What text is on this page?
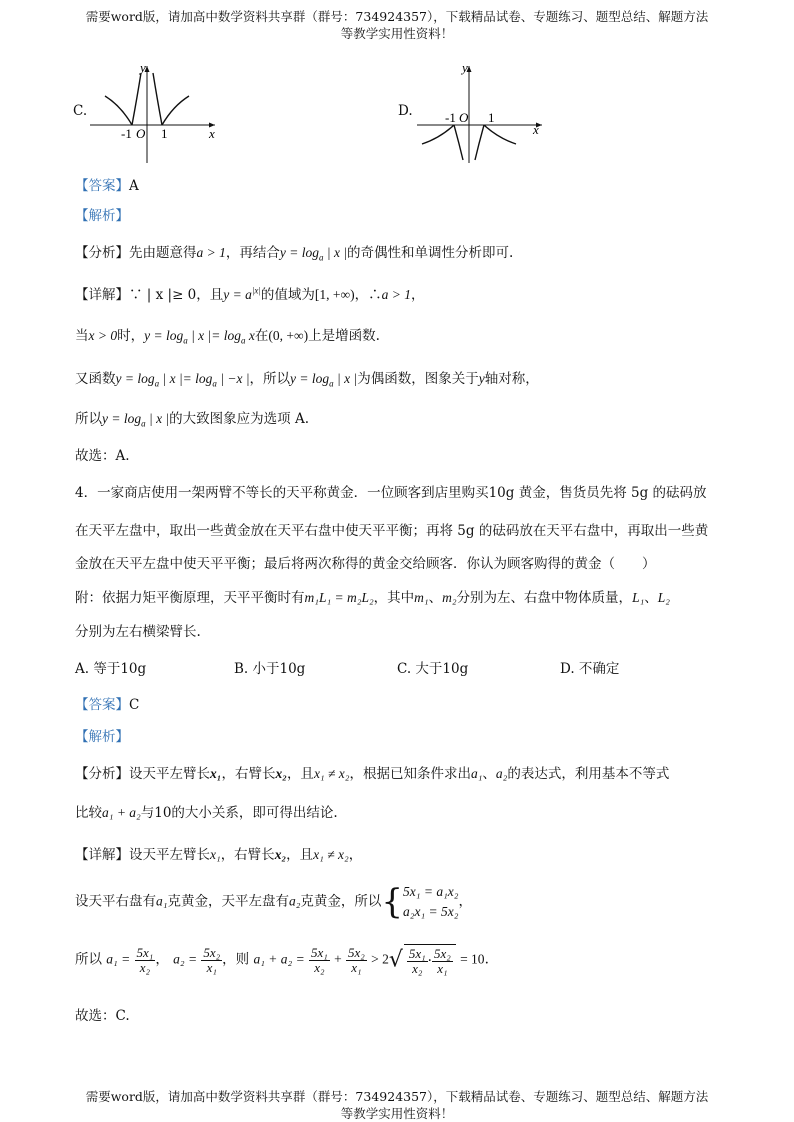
需要word版，请加高中数学资料共享群（群号：734924357），下载精品试卷、专题练习、题型总结、解题方法
等教学实用性资料！
C.
y
x
-1 O 1
D.
y
x
-1 O 1
【答案】A
【解析】
【分析】先由题意得a > 1，再结合$y = \log_a$ | x |的奇偶性和单调性分析即可.
【详解】∵ | x |≥ 0，且$y = a^{|x|}$的值域为[1, +∞)，∴a > 1，
当x > 0时，$y = \log_a$ | x |= $\log_a x$在(0, +∞)上是增函数.
又函数$y = \log_a$ | x |= $\log_a$ | −x |，所以$y = \log_a$ | x |为偶函数，图象关于y轴对称，
所以$y = \log_a$ | x |的大致图象应为选项 A.
故选：A.
4．一家商店使用一架两臂不等长的天平称黄金．一位顾客到店里购买10g 黄金，售货员先将 5g 的砝码放
在天平左盘中，取出一些黄金放在天平右盘中使天平平衡；再将 5g 的砝码放在天平右盘中，再取出一些黄
金放在天平左盘中使天平平衡；最后将两次称得的黄金交给顾客．你认为顾客购得的黄金（　　）
附：依据力矩平衡原理，天平平衡时有m₁L₁ = m₂L₂，其中m₁、m₂分别为左、右盘中物体质量，L₁、L₂
分别为左右横梁臂长.
A. 等于10g	B. 小于10g	C. 大于10g	D. 不确定
【答案】C
【解析】
【分析】设天平左臂长x₁，右臂长x₂，且x₁ ≠ x₂，根据已知条件求出a₁、a₂的表达式，利用基本不等式
比较a₁ + a₂与10的大小关系，即可得出结论.
【详解】设天平左臂长x₁，右臂长x₂，且x₁ ≠ x₂，
设天平右盘有a₁克黄金，天平左盘有a₂克黄金，所以{ 5x₁ = a₁x₂
a₂x₁ = 5x₂
，
所以 $a_1 = \frac{\text{5x₁}}{\text{x₂}}$ ， $a_2 = \frac{\text{5x₂}}{\text{x₁}}$ ，则 $a_1 + a_2 = \frac{\text{5x₁}}{\text{x₂}} + \frac{\text{5x₂}}{\text{x₁}} > 2√ \frac{\text{5x₁}}{\text{x₂}} \cdot \frac{\text{5x₂}}{\text{x₁}} = 10$.
故选：C.
需要word版，请加高中数学资料共享群（群号：734924357），下载精品试卷、专题练习、题型总结、解题方法
等教学实用性资料！
